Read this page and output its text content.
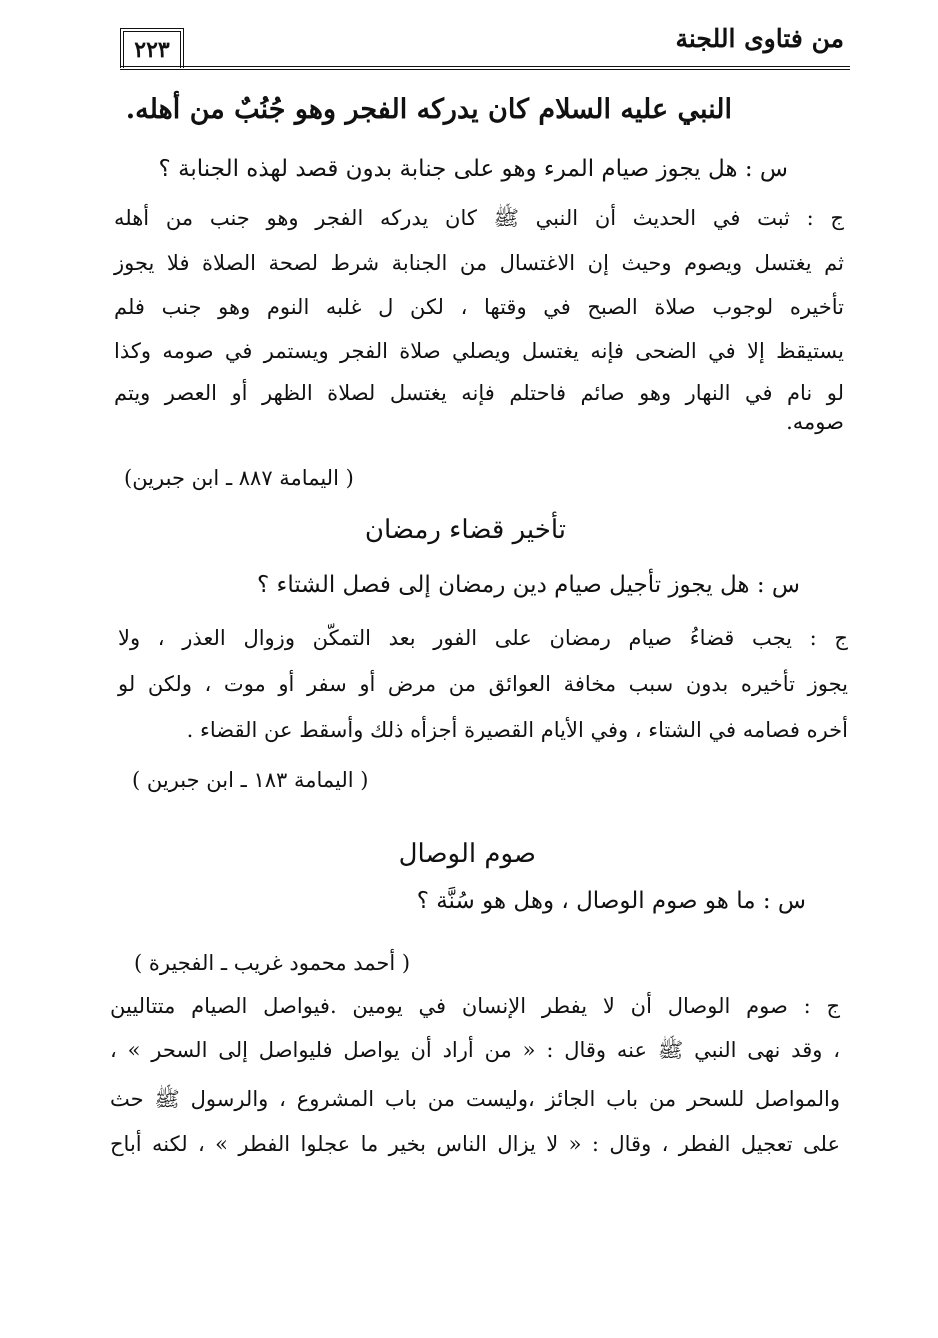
من فتاوى اللجنة
٢٢٣
النبي عليه السلام كان يدركه الفجر وهو جُنُبٌ من أهله.
س : هل يجوز صيام المرء وهو على جنابة بدون قصد لهذه الجنابة ؟
ج : ثبت في الحديث أن النبي ﷺ كان يدركه الفجر وهو جنب من أهله
ثم يغتسل ويصوم وحيث إن الاغتسال من الجنابة شرط لصحة الصلاة فلا يجوز
تأخيره لوجوب صلاة الصبح في وقتها ، لكن ل غلبه النوم وهو جنب فلم
يستيقظ إلا في الضحى فإنه يغتسل ويصلي صلاة الفجر ويستمر في صومه وكذا
لو نام في النهار وهو صائم فاحتلم فإنه يغتسل لصلاة الظهر أو العصر ويتم
صومه.
( اليمامة ٨٨٧ ـ ابن جبرين)
تأخير قضاء رمضان
س : هل يجوز تأجيل صيام دين رمضان إلى فصل الشتاء ؟
ج : يجب قضاءُ صيام رمضان على الفور بعد التمكّن وزوال العذر ، ولا
يجوز تأخيره بدون سبب مخافة العوائق من مرض أو سفر أو موت ، ولكن لو
أخره فصامه في الشتاء ، وفي الأيام القصيرة أجزأه ذلك وأسقط عن القضاء .
( اليمامة ١٨٣ ـ ابن جبرين )
صوم الوصال
س : ما هو صوم الوصال ، وهل هو سُنَّة ؟
( أحمد محمود غريب ـ الفجيرة )
ج : صوم الوصال أن لا يفطر الإنسان في يومين .فيواصل الصيام متتاليين
، وقد نهى النبي ﷺ عنه وقال : « من أراد أن يواصل فليواصل إلى السحر » ،
والمواصل للسحر من باب الجائز ،وليست من باب المشروع ، والرسول ﷺ حث
على تعجيل الفطر ، وقال : « لا يزال الناس بخير ما عجلوا الفطر » ، لكنه أباح
